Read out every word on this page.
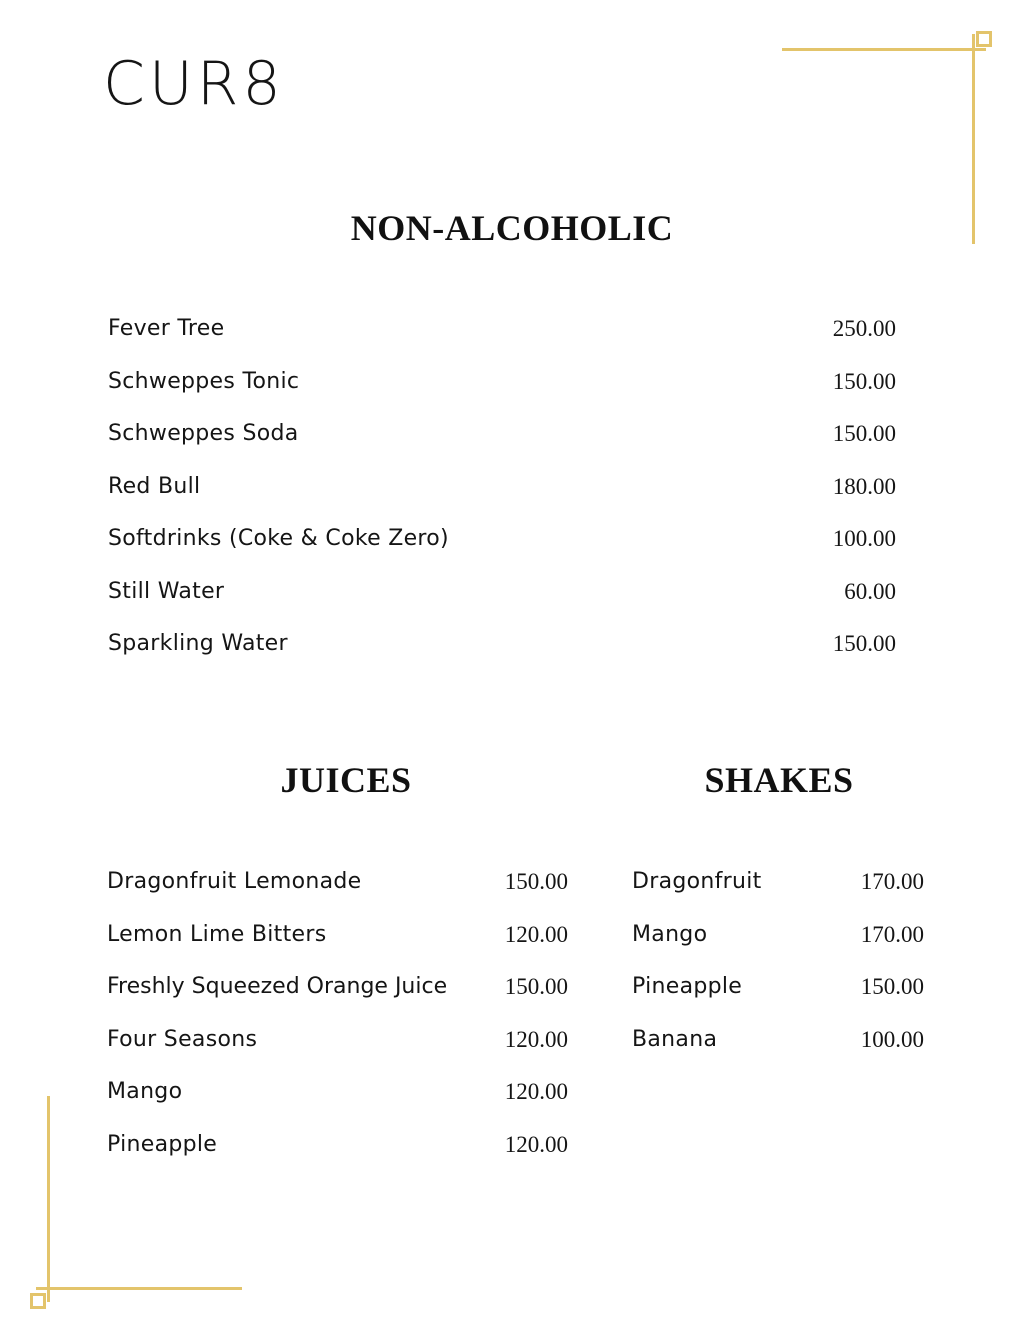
CUR8
NON-ALCOHOLIC
Fever Tree	250.00
Schweppes Tonic	150.00
Schweppes Soda	150.00
Red Bull	180.00
Softdrinks (Coke & Coke Zero)	100.00
Still Water	60.00
Sparkling Water	150.00
JUICES
Dragonfruit Lemonade	150.00
Lemon Lime Bitters	120.00
Freshly Squeezed Orange Juice	150.00
Four Seasons	120.00
Mango	120.00
Pineapple	120.00
SHAKES
Dragonfruit	170.00
Mango	170.00
Pineapple	150.00
Banana	100.00
